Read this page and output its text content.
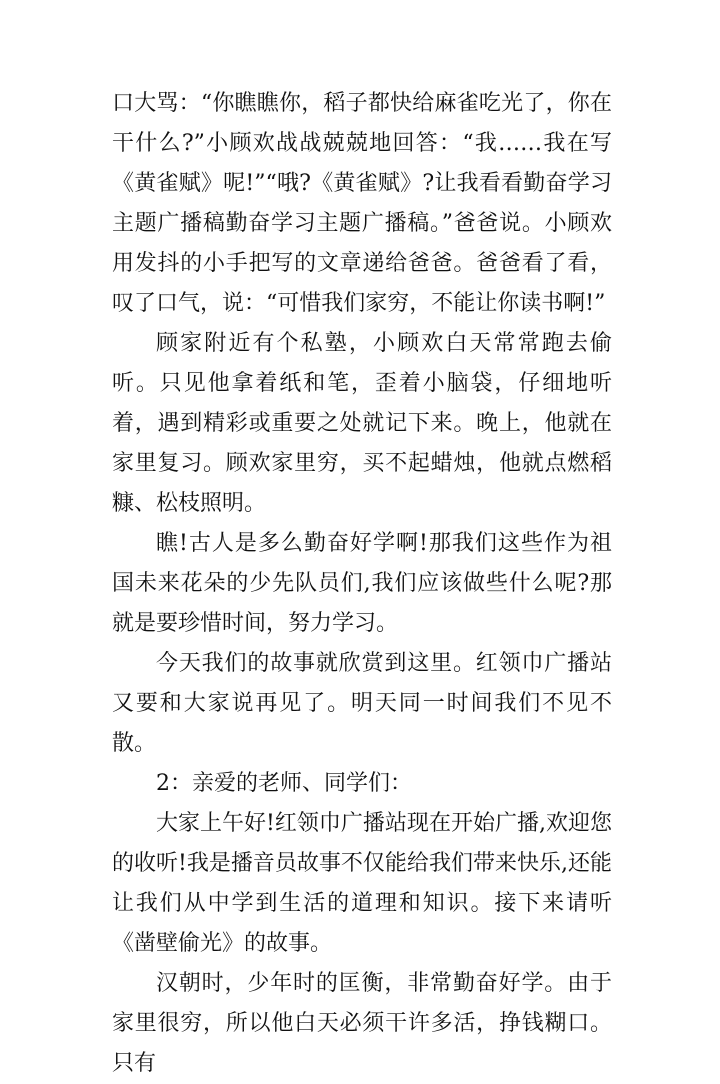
口大骂：“你瞧瞧你，稻子都快给麻雀吃光了，你在干什么?”小顾欢战战兢兢地回答：“我……我在写《黄雀赋》呢!”“哦?《黄雀赋》?让我看看勤奋学习主题广播稿勤奋学习主题广播稿。”爸爸说。小顾欢用发抖的小手把写的文章递给爸爸。爸爸看了看，叹了口气，说：“可惜我们家穷，不能让你读书啊!”

顾家附近有个私塾，小顾欢白天常常跑去偷听。只见他拿着纸和笔，歪着小脑袋，仔细地听着，遇到精彩或重要之处就记下来。晚上，他就在家里复习。顾欢家里穷，买不起蜡烛，他就点燃稻糠、松枝照明。

瞧!古人是多么勤奋好学啊!那我们这些作为祖国未来花朵的少先队员们,我们应该做些什么呢?那就是要珍惜时间，努力学习。

今天我们的故事就欣赏到这里。红领巾广播站又要和大家说再见了。明天同一时间我们不见不散。

2：亲爱的老师、同学们：

大家上午好!红领巾广播站现在开始广播,欢迎您的收听!我是播音员故事不仅能给我们带来快乐,还能让我们从中学到生活的道理和知识。接下来请听《凿壁偷光》的故事。

汉朝时，少年时的匡衡，非常勤奋好学。由于家里很穷，所以他白天必须干许多活，挣钱糊口。只有
